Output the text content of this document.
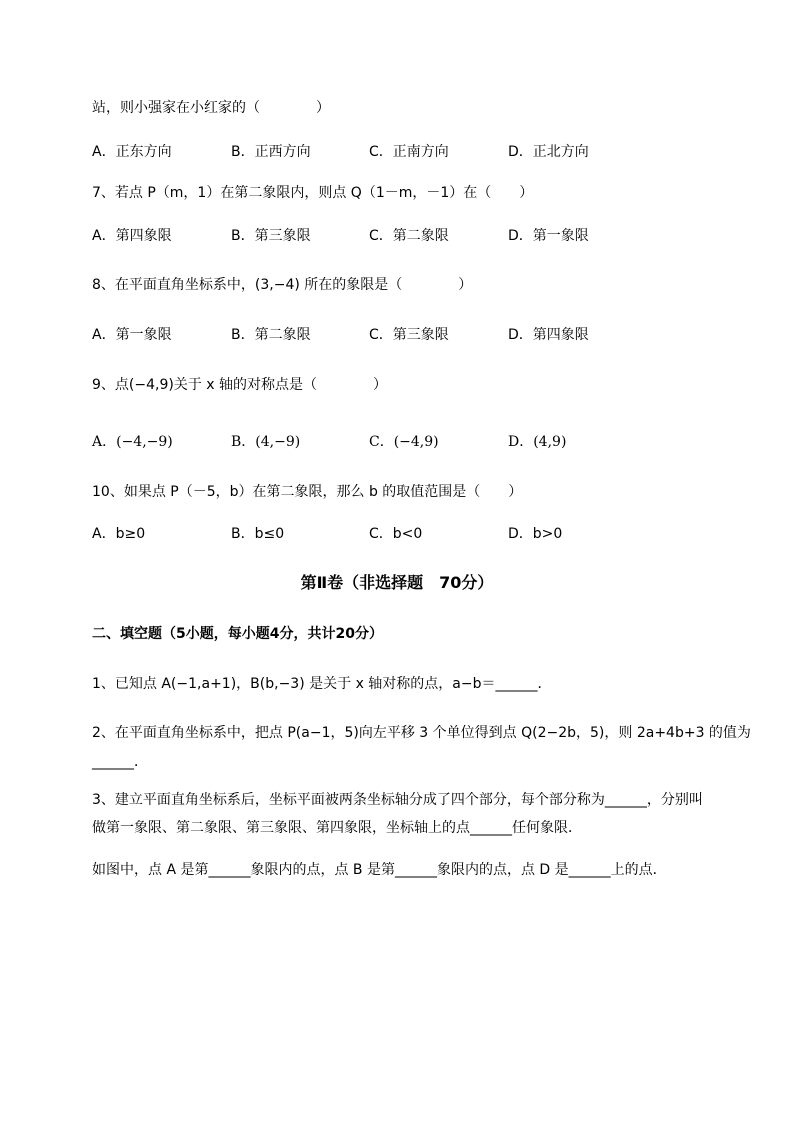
站，则小强家在小红家的（　　　　）
A．正东方向	B．正西方向	C．正南方向	D．正北方向
7、若点 P（m，1）在第二象限内，则点 Q（1－m，－1）在（　　）
A．第四象限	B．第三象限	C．第二象限	D．第一象限
8、在平面直角坐标系中，(3,−4) 所在的象限是（　　　　）
A．第一象限	B．第二象限	C．第三象限	D．第四象限
9、点(−4,9)关于 x 轴的对称点是（　　　　）
A．(−4,−9)	B．(4,−9)	C．(−4,9)	D．(4,9)
10、如果点 P（－5，b）在第二象限，那么 b 的取值范围是（　　）
A．b≥0	B．b≤0	C．b<0	D．b>0
第Ⅱ卷（非选择题　70分）
二、填空题（5小题，每小题4分，共计20分）
1、已知点 A(−1,a+1)，B(b,−3) 是关于 x 轴对称的点，a−b＝______．
2、在平面直角坐标系中，把点 P(a−1，5)向左平移 3 个单位得到点 Q(2−2b，5)，则 2a+4b+3 的值为
______．
3、建立平面直角坐标系后，坐标平面被两条坐标轴分成了四个部分，每个部分称为______，分别叫
做第一象限、第二象限、第三象限、第四象限，坐标轴上的点______任何象限．
如图中，点 A 是第______象限内的点，点 B 是第______象限内的点，点 D 是______上的点．
